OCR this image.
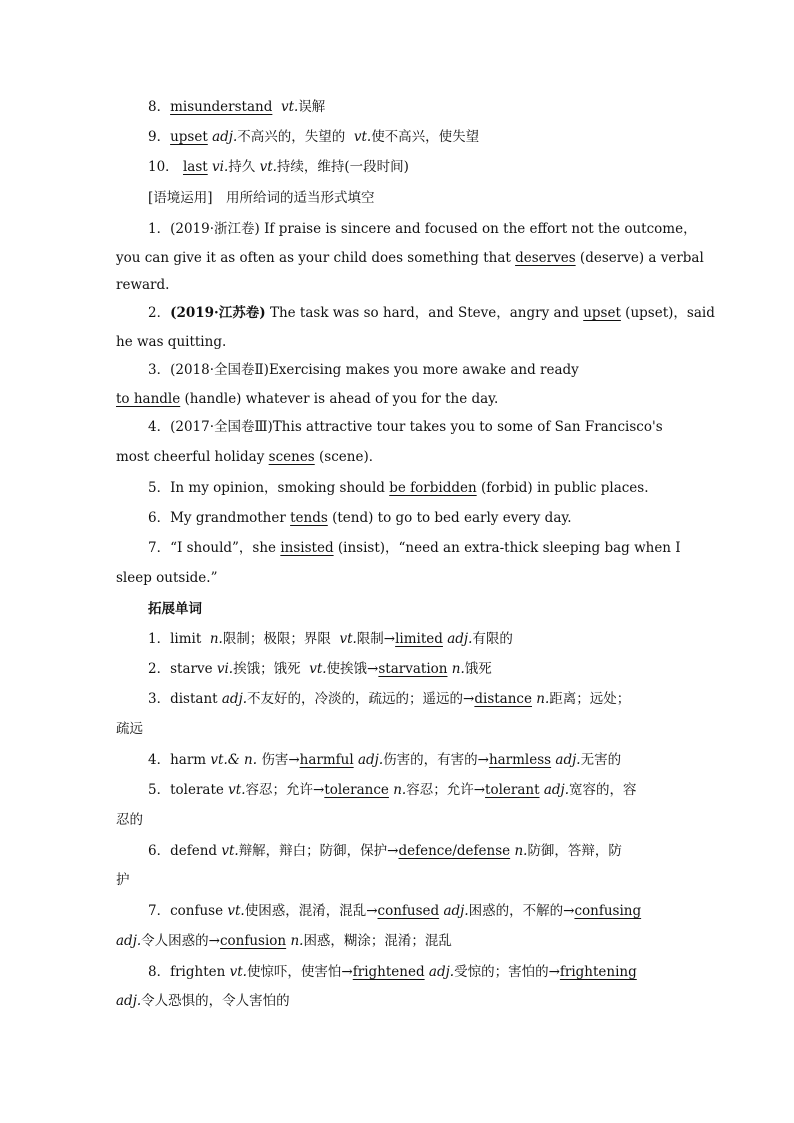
8．misunderstand vt.误解
9．upset adj.不高兴的，失望的 vt.使不高兴，使失望
10． last vi.持久 vt.持续，维持(一段时间)
[语境运用]　用所给词的适当形式填空
1．(2019·浙江卷) If praise is sincere and focused on the effort not the outcome，
you can give it as often as your child does something that deserves (deserve) a verbal
reward.
2．(2019·江苏卷) The task was so hard，and Steve，angry and upset (upset)，said
he was quitting.
3．(2018·全国卷Ⅱ)Exercising makes you more awake and ready
to handle (handle) whatever is ahead of you for the day.
4．(2017·全国卷Ⅲ)This attractive tour takes you to some of San Francisco's
most cheerful holiday scenes (scene)．
5．In my opinion，smoking should be forbidden (forbid) in public places.
6．My grandmother tends (tend) to go to bed early every day.
7．“I should”，she insisted (insist)，“need an extra-thick sleeping bag when I
sleep outside.”
拓展单词
1．limit  n.限制；极限；界限  vt.限制→limited adj.有限的
2．starve vi.挨饿；饿死  vt.使挨饿→starvation n.饿死
3．distant adj.不友好的，冷淡的，疏远的；遥远的→distance n.距离；远处；
疏远
4．harm vt.& n. 伤害→harmful adj.伤害的，有害的→harmless adj.无害的
5．tolerate vt.容忍；允许→tolerance n.容忍；允许→tolerant adj.宽容的，容
忍的
6．defend vt.辩解，辩白；防御，保护→defence/defense n.防御，答辩，防
护
7．confuse vt.使困惑，混淆，混乱→confused adj.困惑的，不解的→confusing
adj.令人困惑的→confusion n.困惑，糊涂；混淆；混乱
8．frighten vt.使惊吓，使害怕→frightened adj.受惊的；害怕的→frightening
adj.令人恐惧的，令人害怕的
